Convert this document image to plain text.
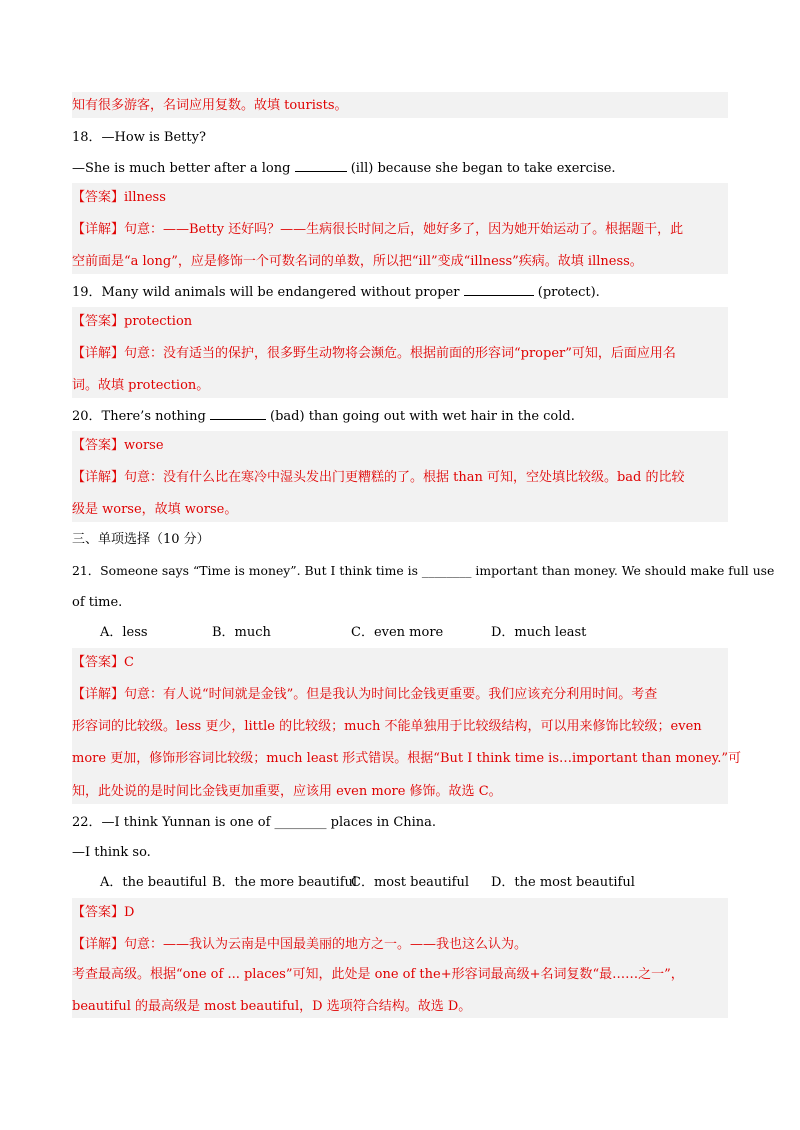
知有很多游客，名词应用复数。故填 tourists。
18．—How is Betty?
—She is much better after a long	(ill) because she began to take exercise.
【答案】illness
【详解】句意：——Betty 还好吗？——生病很长时间之后，她好多了，因为她开始运动了。根据题干，此
空前面是“a long”，应是修饰一个可数名词的单数，所以把“ill”变成“illness”疾病。故填 illness。
19．Many wild animals will be endangered without proper	(protect).
【答案】protection
【详解】句意：没有适当的保护，很多野生动物将会濒危。根据前面的形容词“proper”可知，后面应用名
词。故填 protection。
20．There’s nothing	(bad) than going out with wet hair in the cold.
【答案】worse
【详解】句意：没有什么比在寒冷中湿头发出门更糟糕的了。根据 than 可知，空处填比较级。bad 的比较
级是 worse，故填 worse。
三、单项选择（10 分）
21．Someone says “Time is money”. But I think time is ________ important than money. We should make full use
of time.
A．less	B．much	C．even more	D．much least
【答案】C
【详解】句意：有人说“时间就是金钱”。但是我认为时间比金钱更重要。我们应该充分利用时间。考查
形容词的比较级。less 更少，little 的比较级；much 不能单独用于比较级结构，可以用来修饰比较级；even
more 更加，修饰形容词比较级；much least 形式错误。根据“But I think time is…important than money.”可
知，此处说的是时间比金钱更加重要，应该用 even more 修饰。故选 C。
22．—I think Yunnan is one of ________ places in China.
—I think so.
A．the beautiful B．the more beautiful
C．most beautiful D．the most beautiful
【答案】D
【详解】句意：——我认为云南是中国最美丽的地方之一。——我也这么认为。
考查最高级。根据“one of ... places”可知，此处是 one of the+形容词最高级+名词复数“最……之一”，
beautiful 的最高级是 most beautiful，D 选项符合结构。故选 D。
